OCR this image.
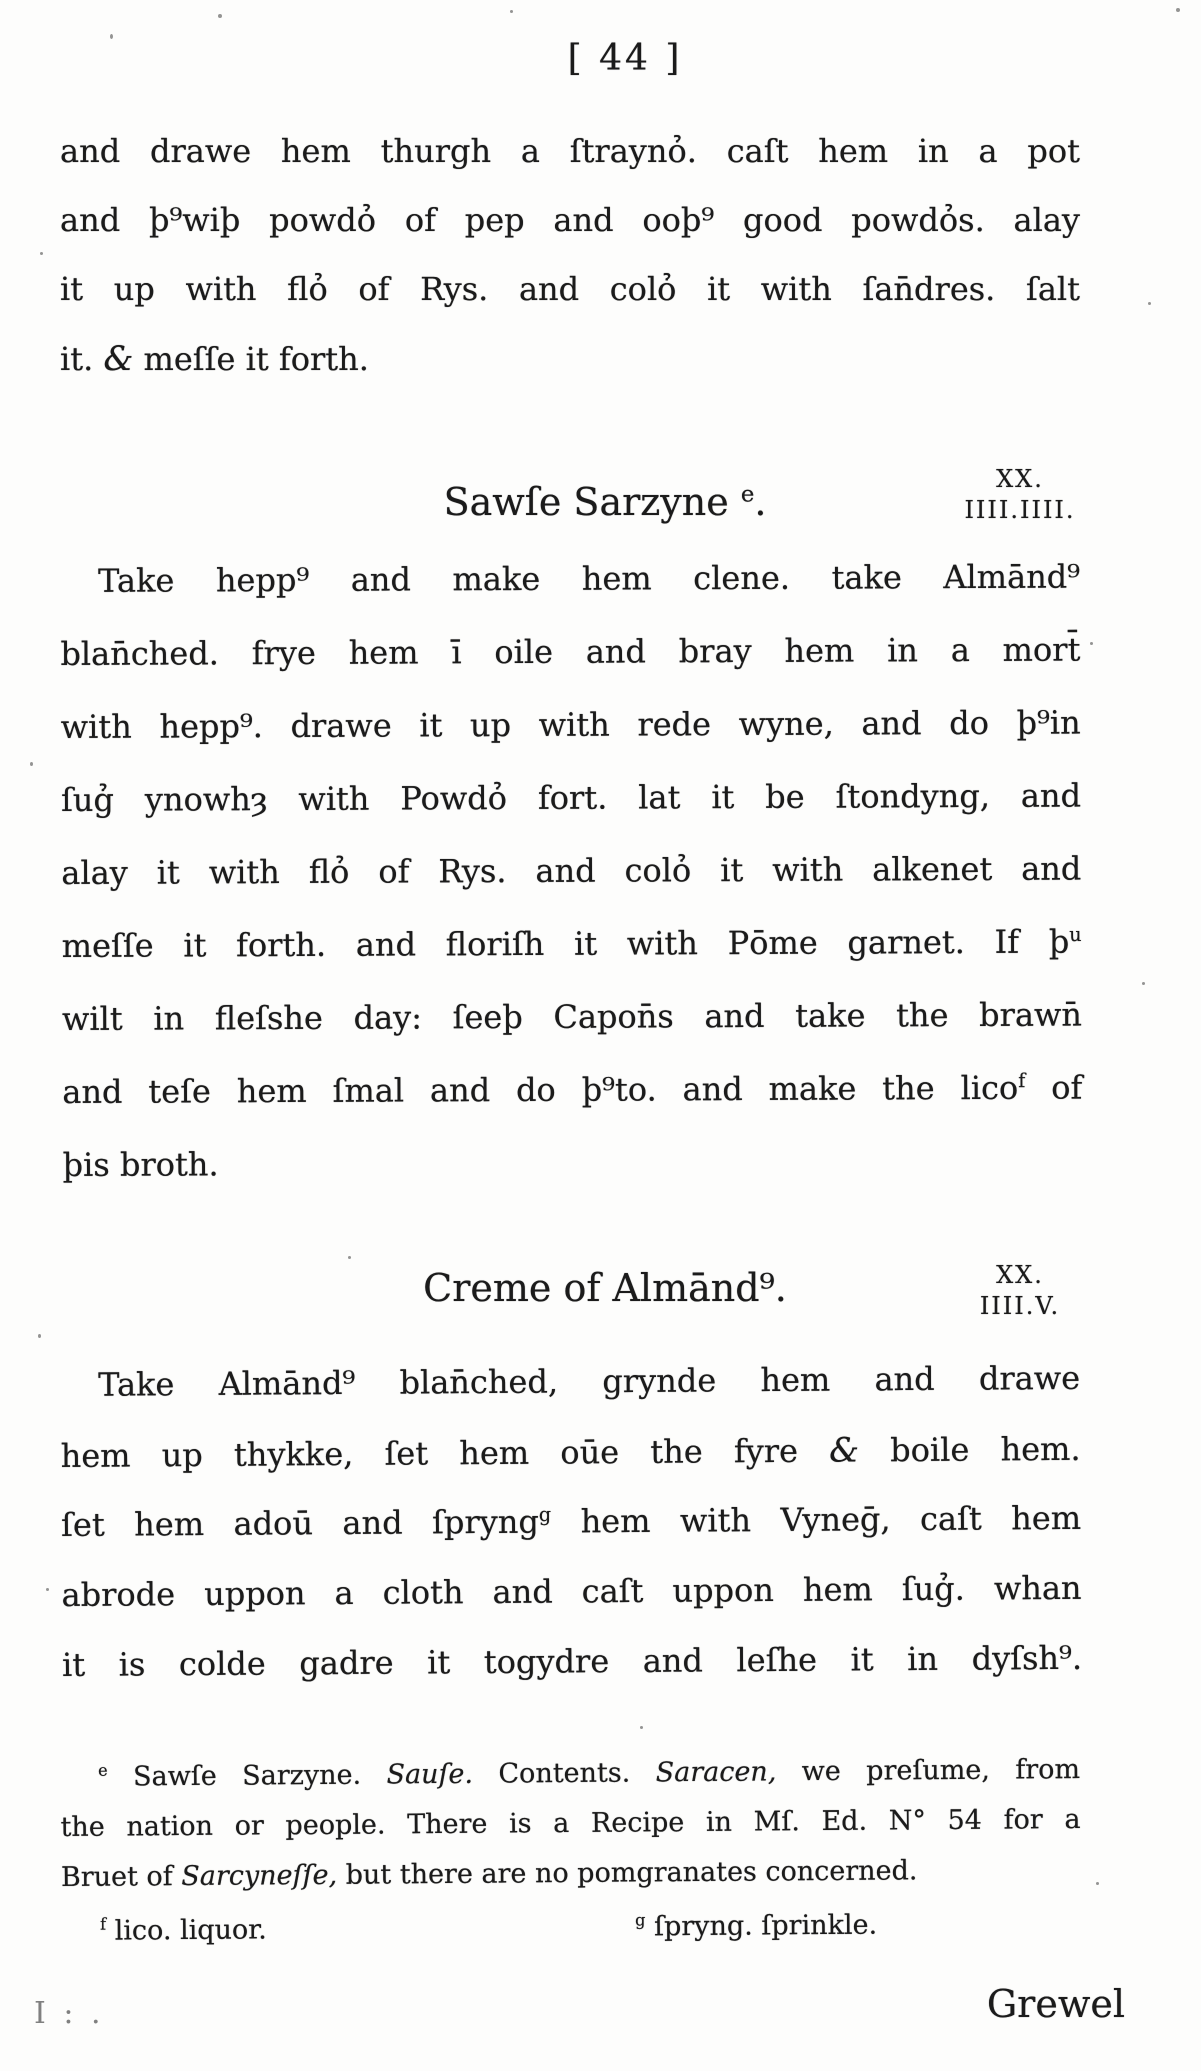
[ 44 ]
and drawe hem thurgh a ſtraynỏ. caſt hem in a pot
and þ⁹wiþ powdỏ of pep and ooþ⁹ good powdỏs. alay
it up with flỏ of Rys. and colỏ it with ſan̄dres. ſalt
it. & meſſe it forth.
Sawſe Sarzyne $^e$.
XX.
IIII.IIII.
Take hepp⁹ and make hem clene. take Almānd⁹
blan̄ched. frye hem ī oile and bray hem in a mort̄
with hepp⁹. drawe it up with rede wyne, and do þ⁹in
ſug̉ ynowhȝ with Powdỏ fort. lat it be ſtondyng, and
alay it with flỏ of Rys. and colỏ it with alkenet and
meſſe it forth. and floriſh it with Pōme garnet. If þ$^u$
wilt in fleſshe day: ſeeþ Capon̄s and take the brawn̄
and teſe hem ſmal and do þ⁹to. and make the lico$^f$ of
þis broth.
Creme of Almānd⁹.	XX.
IIII.V.
Take Almānd⁹ blan̄ched, grynde hem and drawe
hem up thykke, ſet hem oūe the fyre & boile hem.
ſet hem adoū and ſpryng$^g$ hem with Vyneḡ, caſt hem
abrode uppon a cloth and caſt uppon hem ſug̉. whan
it is colde gadre it togydre and leſhe it in dyſsh⁹.
$^e$ Sawſe Sarzyne. Sauſe. Contents. Saracen, we preſume, from
the nation or people. There is a Recipe in Mſ. Ed. N° 54 for a
Bruet of Sarcyneſſe, but there are no pomgranates concerned.
$^f$ lico. liquor.	$^g$ ſpryng. ſprinkle.
Grewel
I : .
